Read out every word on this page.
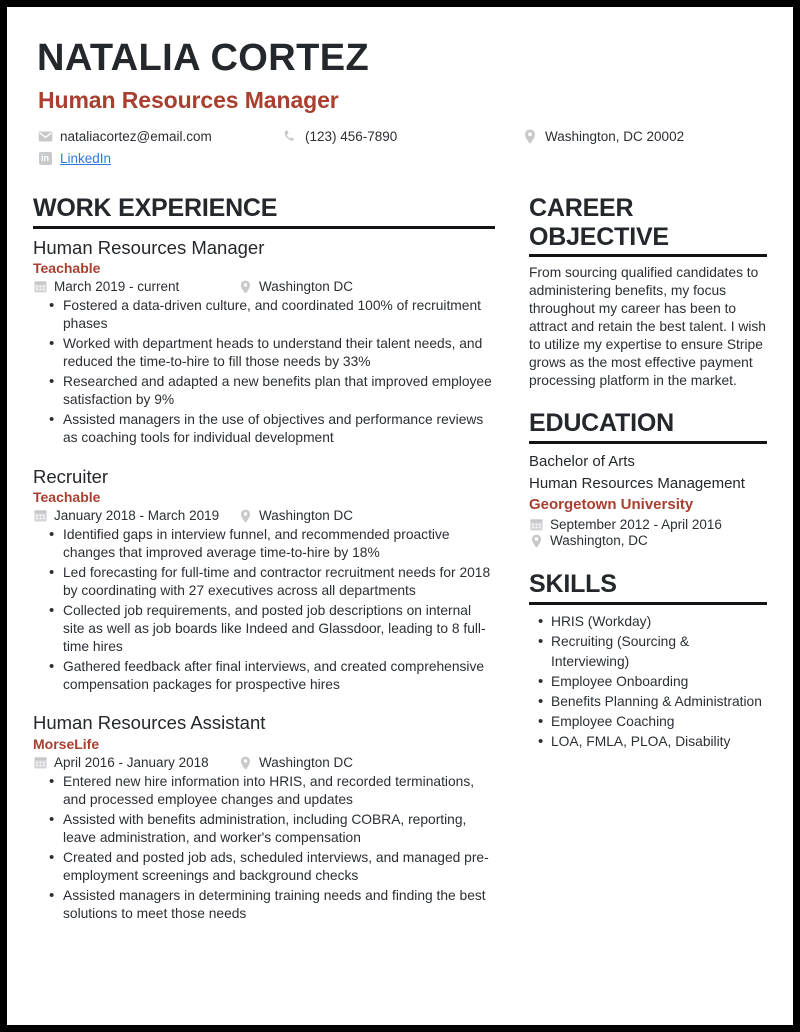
NATALIA CORTEZ
Human Resources Manager
nataliacortez@email.com	(123) 456-7890	Washington, DC 20002
in LinkedIn
WORK EXPERIENCE
Human Resources Manager
Teachable
March 2019 - current	Washington DC
• Fostered a data-driven culture, and coordinated 100% of recruitment phases
• Worked with department heads to understand their talent needs, and reduced the time-to-hire to fill those needs by 33%
• Researched and adapted a new benefits plan that improved employee satisfaction by 9%
• Assisted managers in the use of objectives and performance reviews as coaching tools for individual development
Recruiter
Teachable
January 2018 - March 2019	Washington DC
• Identified gaps in interview funnel, and recommended proactive changes that improved average time-to-hire by 18%
• Led forecasting for full-time and contractor recruitment needs for 2018 by coordinating with 27 executives across all departments
• Collected job requirements, and posted job descriptions on internal site as well as job boards like Indeed and Glassdoor, leading to 8 full-time hires
• Gathered feedback after final interviews, and created comprehensive compensation packages for prospective hires
Human Resources Assistant
MorseLife
April 2016 - January 2018	Washington DC
• Entered new hire information into HRIS, and recorded terminations, and processed employee changes and updates
• Assisted with benefits administration, including COBRA, reporting, leave administration, and worker's compensation
• Created and posted job ads, scheduled interviews, and managed pre-employment screenings and background checks
• Assisted managers in determining training needs and finding the best solutions to meet those needs
CAREER OBJECTIVE

From sourcing qualified candidates to administering benefits, my focus throughout my career has been to attract and retain the best talent. I wish to utilize my expertise to ensure Stripe grows as the most effective payment processing platform in the market.

EDUCATION
Bachelor of Arts
Human Resources Management
Georgetown University
September 2012 - April 2016
Washington, DC
SKILLS
• HRIS (Workday)
• Recruiting (Sourcing & Interviewing)
• Employee Onboarding
• Benefits Planning & Administration
• Employee Coaching
• LOA, FMLA, PLOA, Disability
